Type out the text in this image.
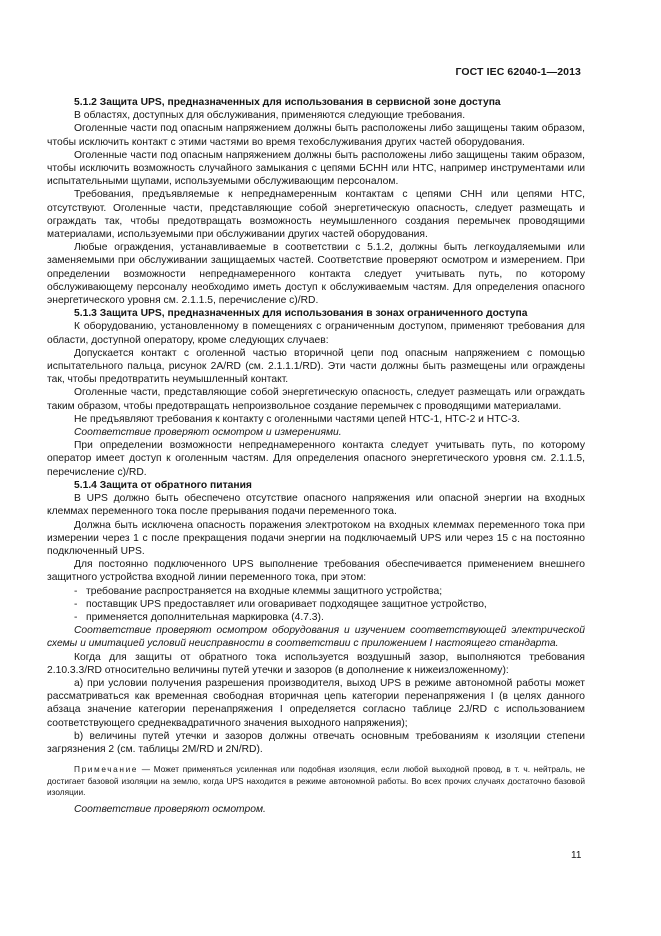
ГОСТ IEC 62040-1—2013

5.1.2 Защита UPS, предназначенных для использования в сервисной зоне доступа

В областях, доступных для обслуживания, применяются следующие требования.

Оголенные части под опасным напряжением должны быть расположены либо защищены таким образом, чтобы исключить контакт с этими частями во время техобслуживания других частей оборудования.

Оголенные части под опасным напряжением должны быть расположены либо защищены таким образом, чтобы исключить возможность случайного замыкания с цепями БСНН или НТС, например инструментами или испытательными щупами, используемыми обслуживающим персоналом.

Требования, предъявляемые к непреднамеренным контактам с цепями СНН или цепями НТС, отсутствуют. Оголенные части, представляющие собой энергетическую опасность, следует размещать и ограждать так, чтобы предотвращать возможность неумышленного создания перемычек проводящими материалами, используемыми при обслуживании других частей оборудования.

Любые ограждения, устанавливаемые в соответствии с 5.1.2, должны быть легкоудаляемыми или заменяемыми при обслуживании защищаемых частей. Соответствие проверяют осмотром и измерением. При определении возможности непреднамеренного контакта следует учитывать путь, по которому обслуживающему персоналу необходимо иметь доступ к обслуживаемым частям. Для определения опасного энергетического уровня см. 2.1.1.5, перечисление c)/RD.

5.1.3 Защита UPS, предназначенных для использования в зонах ограниченного доступа

К оборудованию, установленному в помещениях с ограниченным доступом, применяют требования для области, доступной оператору, кроме следующих случаев:

Допускается контакт с оголенной частью вторичной цепи под опасным напряжением с помощью испытательного пальца, рисунок 2A/RD (см. 2.1.1.1/RD). Эти части должны быть размещены или ограждены так, чтобы предотвратить неумышленный контакт.

Оголенные части, представляющие собой энергетическую опасность, следует размещать или ограждать таким образом, чтобы предотвращать непроизвольное создание перемычек с проводящими материалами.

Не предъявляют требования к контакту с оголенными частями цепей НТС-1, НТС-2 и НТС-3.

Соответствие проверяют осмотром и измерениями.

При определении возможности непреднамеренного контакта следует учитывать путь, по которому оператор имеет доступ к оголенным частям. Для определения опасного энергетического уровня см. 2.1.1.5, перечисление c)/RD.

5.1.4 Защита от обратного питания

В UPS должно быть обеспечено отсутствие опасного напряжения или опасной энергии на входных клеммах переменного тока после прерывания подачи переменного тока.

Должна быть исключена опасность поражения электротоком на входных клеммах переменного тока при измерении через 1 с после прекращения подачи энергии на подключаемый UPS или через 15 с на постоянно подключенный UPS.

Для постоянно подключенного UPS выполнение требования обеспечивается применением внешнего защитного устройства входной линии переменного тока, при этом:

- требование распространяется на входные клеммы защитного устройства;

- поставщик UPS предоставляет или оговаривает подходящее защитное устройство,

- применяется дополнительная маркировка (4.7.3).

Соответствие проверяют осмотром оборудования и изучением соответствующей электрической схемы и имитацией условий неисправности в соответствии с приложением I настоящего стандарта.

Когда для защиты от обратного тока используется воздушный зазор, выполняются требования 2.10.3.3/RD относительно величины путей утечки и зазоров (в дополнение к нижеизложенному):

a) при условии получения разрешения производителя, выход UPS в режиме автономной работы может рассматриваться как временная свободная вторичная цепь категории перенапряжения I (в целях данного абзаца значение категории перенапряжения I определяется согласно таблице 2J/RD с использованием соответствующего среднеквадратичного значения выходного напряжения);

b) величины путей утечки и зазоров должны отвечать основным требованиям к изоляции степени загрязнения 2 (см. таблицы 2M/RD и 2N/RD).

Примечание — Может применяться усиленная или подобная изоляция, если любой выходной провод, в т. ч. нейтраль, не достигает базовой изоляции на землю, когда UPS находится в режиме автономной работы. Во всех прочих случаях достаточно базовой изоляции.

Соответствие проверяют осмотром.

11
